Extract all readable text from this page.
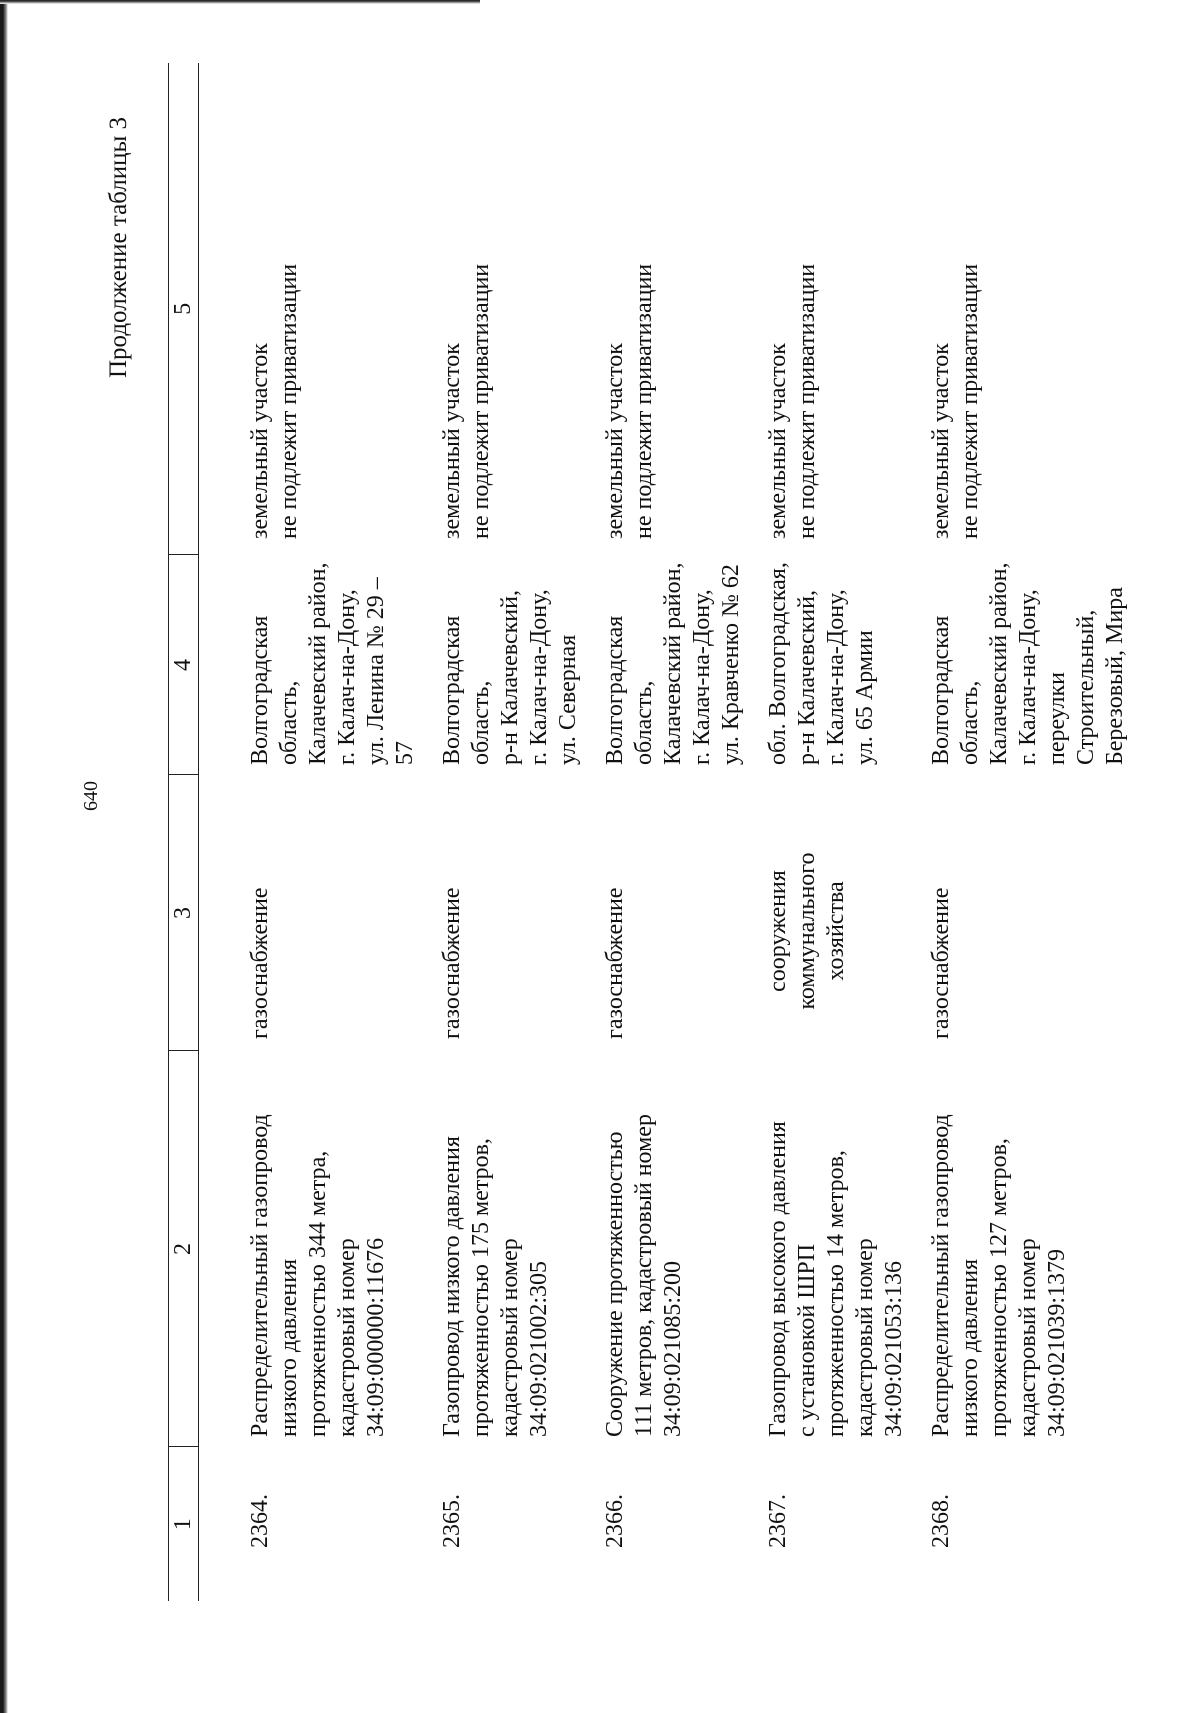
640
Продолжение таблицы 3
1	2	3	4	5
2364.	Распределительный газопровод
низкого давления
протяженностью 344 метра,
кадастровый номер
34:09:000000:11676	газоснабжение	Волгоградская область,
Калачевский район,
г. Калач-на-Дону,
ул. Ленина № 29 – 57	земельный участок
не подлежит приватизации
2365.	Газопровод низкого давления
протяженностью 175 метров,
кадастровый номер
34:09:021002:305	газоснабжение	Волгоградская область,
р-н Калачевский,
г. Калач-на-Дону,
ул. Северная	земельный участок
не подлежит приватизации
2366.	Сооружение протяженностью
111 метров, кадастровый номер
34:09:021085:200	газоснабжение	Волгоградская область,
Калачевский район,
г. Калач-на-Дону,
ул. Кравченко № 62	земельный участок
не подлежит приватизации
2367.	Газопровод высокого давления
с установкой ШРП
протяженностью 14 метров,
кадастровый номер
34:09:021053:136	сооружения
коммунального
хозяйства	обл. Волгоградская,
р-н Калачевский,
г. Калач-на-Дону,
ул. 65 Армии	земельный участок
не подлежит приватизации
2368.	Распределительный газопровод
низкого давления
протяженностью 127 метров,
кадастровый номер
34:09:021039:1379	газоснабжение	Волгоградская область,
Калачевский район,
г. Калач-на-Дону,
переулки Строительный,
Березовый, Мира	земельный участок
не подлежит приватизации
